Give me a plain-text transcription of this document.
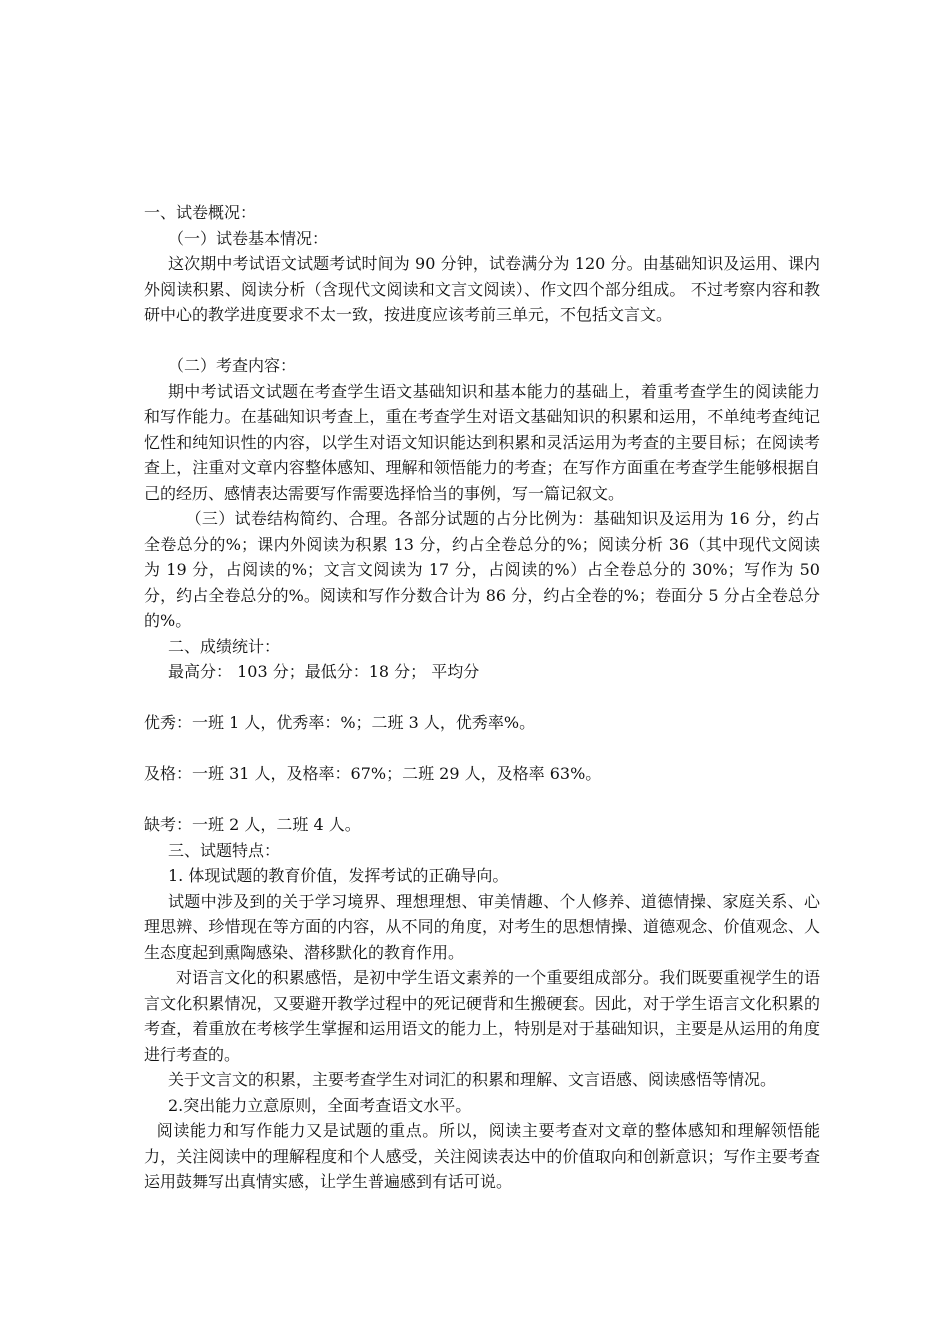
一、试卷概况：

（一）试卷基本情况：

这次期中考试语文试题考试时间为 90 分钟，试卷满分为 120 分。由基础知识及运用、课内外阅读积累、阅读分析（含现代文阅读和文言文阅读）、作文四个部分组成。 不过考察内容和教研中心的教学进度要求不太一致，按进度应该考前三单元，不包括文言文。

（二）考查内容：

期中考试语文试题在考查学生语文基础知识和基本能力的基础上，着重考查学生的阅读能力和写作能力。在基础知识考查上，重在考查学生对语文基础知识的积累和运用，不单纯考查纯记忆性和纯知识性的内容，以学生对语文知识能达到积累和灵活运用为考查的主要目标；在阅读考查上，注重对文章内容整体感知、理解和领悟能力的考查；在写作方面重在考查学生能够根据自己的经历、感情表达需要写作需要选择恰当的事例，写一篇记叙文。

（三）试卷结构简约、合理。各部分试题的占分比例为：基础知识及运用为 16 分，约占全卷总分的%；课内外阅读为积累 13 分，约占全卷总分的%；阅读分析 36（其中现代文阅读为 19 分，占阅读的%；文言文阅读为 17 分，占阅读的%）占全卷总分的 30%；写作为 50 分，约占全卷总分的%。阅读和写作分数合计为 86 分，约占全卷的%；卷面分 5 分占全卷总分的%。

二、成绩统计：

最高分： 103 分；最低分：18 分； 平均分

优秀：一班 1 人，优秀率：%；二班 3 人，优秀率%。

及格：一班 31 人，及格率：67%；二班 29 人，及格率 63%。

缺考：一班 2 人，二班 4 人。

三、试题特点：

1. 体现试题的教育价值，发挥考试的正确导向。

试题中涉及到的关于学习境界、理想理想、审美情趣、个人修养、道德情操、家庭关系、心理思辨、珍惜现在等方面的内容，从不同的角度，对考生的思想情操、道德观念、价值观念、人生态度起到熏陶感染、潜移默化的教育作用。

对语言文化的积累感悟，是初中学生语文素养的一个重要组成部分。我们既要重视学生的语言文化积累情况，又要避开教学过程中的死记硬背和生搬硬套。因此，对于学生语言文化积累的考查，着重放在考核学生掌握和运用语文的能力上，特别是对于基础知识，主要是从运用的角度进行考查的。

关于文言文的积累，主要考查学生对词汇的积累和理解、文言语感、阅读感悟等情况。

2.突出能力立意原则，全面考查语文水平。

阅读能力和写作能力又是试题的重点。所以，阅读主要考查对文章的整体感知和理解领悟能力，关注阅读中的理解程度和个人感受，关注阅读表达中的价值取向和创新意识；写作主要考查运用鼓舞写出真情实感，让学生普遍感到有话可说。
